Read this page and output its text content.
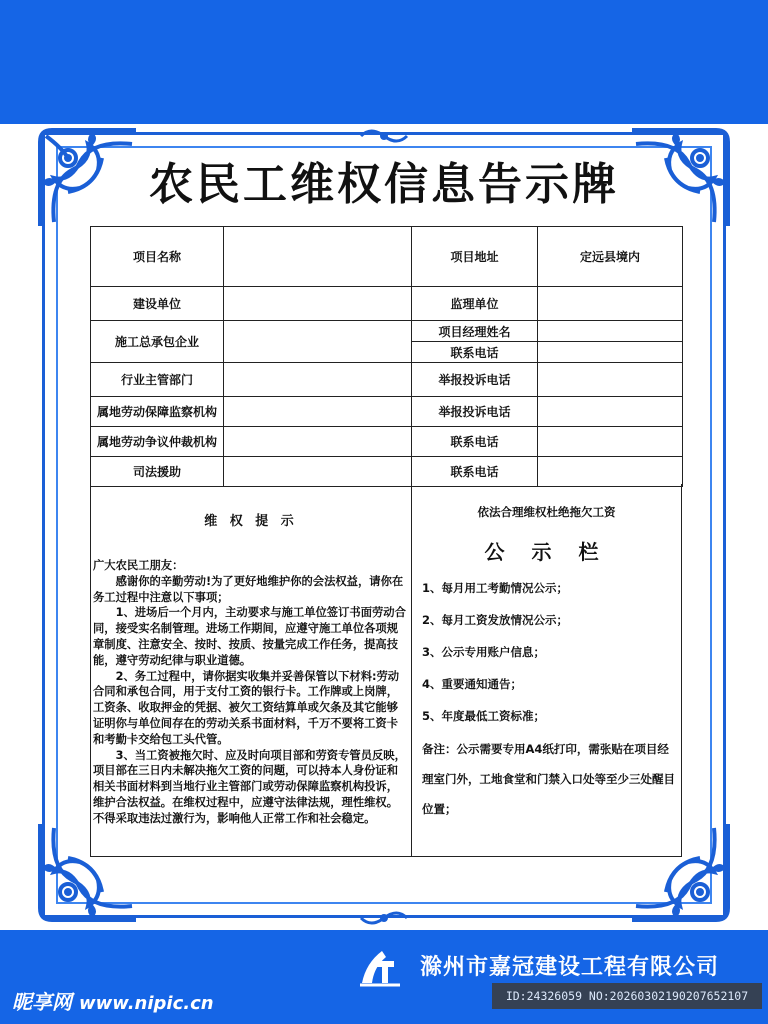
农民工维权信息告示牌
项目名称		项目地址	定远县境内
建设单位		监理单位	
施工总承包企业		项目经理姓名	
		联系电话	
行业主管部门		举报投诉电话	
属地劳动保障监察机构		举报投诉电话	
属地劳动争议仲裁机构		联系电话	
司法援助		联系电话	
维 权 提 示

广大农民工朋友：

感谢你的辛勤劳动!为了更好地维护你的会法权益，请你在务工过程中注意以下事项；

1、进场后一个月内，主动要求与施工单位签订书面劳动合同，接受实名制管理。进场工作期间，应遵守施工单位各项规章制度、注意安全、按时、按质、按量完成工作任务，提高技能，遵守劳动纪律与职业道德。

2、务工过程中，请你据实收集并妥善保管以下材料:劳动合同和承包合同，用于支付工资的银行卡。工作牌或上岗牌，工资条、收取押金的凭据、被欠工资结算单或欠条及其它能够证明你与单位间存在的劳动关系书面材料，千万不要将工资卡和考勤卡交给包工头代管。

3、当工资被拖欠时、应及时向项目部和劳资专管员反映，项目部在三日内未解决拖欠工资的问题，可以持本人身份证和相关书面材料到当地行业主管部门或劳动保障监察机构投诉，维护合法权益。在维权过程中，应遵守法律法规，理性维权。不得采取违法过激行为，影响他人正常工作和社会稳定。

依法合理维权杜绝拖欠工资
公 示 栏
1、每月用工考勤情况公示；
2、每月工资发放情况公示；
3、公示专用账户信息；
4、重要通知通告；
5、年度最低工资标准；
备注：公示需要专用A4纸打印，需张贴在项目经理室门外，工地食堂和门禁入口处等至少三处醒目位置；
滁州市嘉冠建设工程有限公司
昵享网 www.nipic.cn	ID:24326059 NO:20260302190207652107
